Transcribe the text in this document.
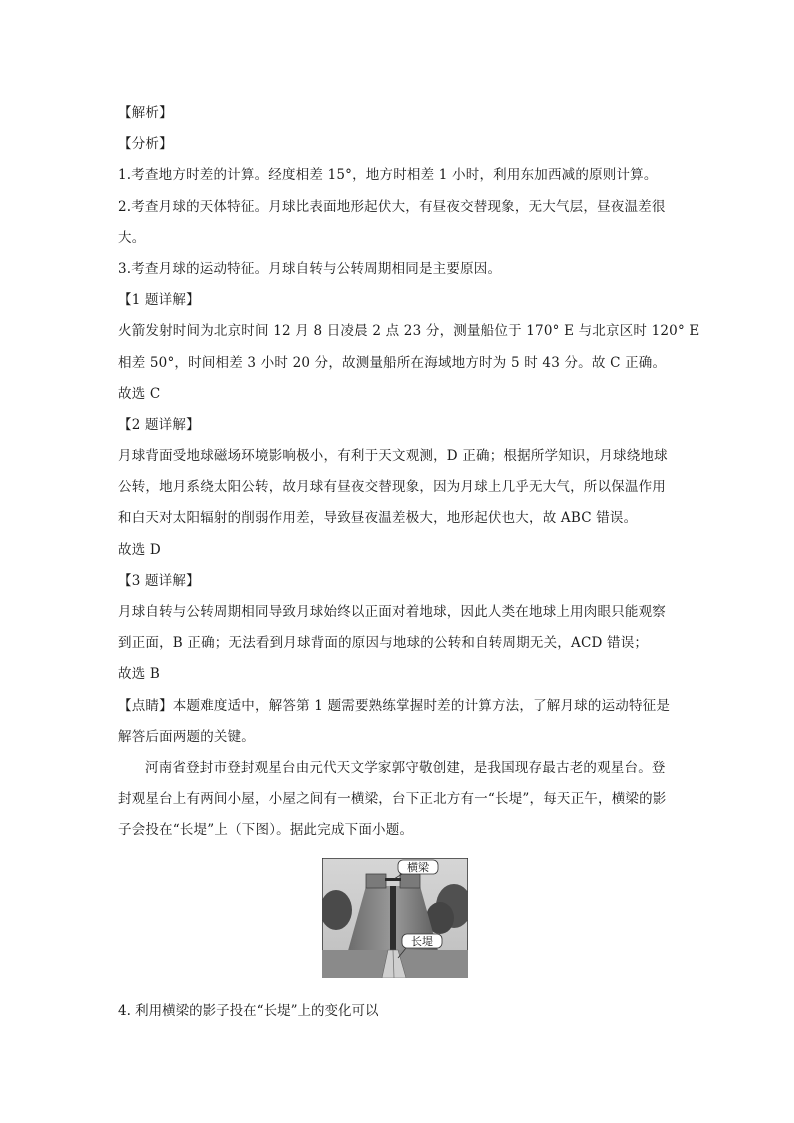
【解析】
【分析】
1.考查地方时差的计算。经度相差 15°，地方时相差 1 小时，利用东加西减的原则计算。
2.考查月球的天体特征。月球比表面地形起伏大，有昼夜交替现象，无大气层，昼夜温差很
大。
3.考查月球的运动特征。月球自转与公转周期相同是主要原因。
【1 题详解】
火箭发射时间为北京时间 12 月 8 日凌晨 2 点 23 分，测量船位于 170° E 与北京区时 120° E
相差 50°，时间相差 3 小时 20 分，故测量船所在海域地方时为 5 时 43 分。故 C 正确。
故选 C
【2 题详解】
月球背面受地球磁场环境影响极小，有利于天文观测，D 正确；根据所学知识，月球绕地球
公转，地月系绕太阳公转，故月球有昼夜交替现象，因为月球上几乎无大气，所以保温作用
和白天对太阳辐射的削弱作用差，导致昼夜温差极大，地形起伏也大，故 ABC 错误。
故选 D
【3 题详解】
月球自转与公转周期相同导致月球始终以正面对着地球，因此人类在地球上用肉眼只能观察
到正面，B 正确；无法看到月球背面的原因与地球的公转和自转周期无关，ACD 错误；
故选 B
【点睛】本题难度适中，解答第 1 题需要熟练掌握时差的计算方法，了解月球的运动特征是
解答后面两题的关键。
河南省登封市登封观星台由元代天文学家郭守敬创建，是我国现存最古老的观星台。登
封观星台上有两间小屋，小屋之间有一横梁，台下正北方有一“长堤”，每天正午，横梁的影
子会投在“长堤”上（下图）。据此完成下面小题。
横梁
长堤
4. 利用横梁的影子投在“长堤”上的变化可以
